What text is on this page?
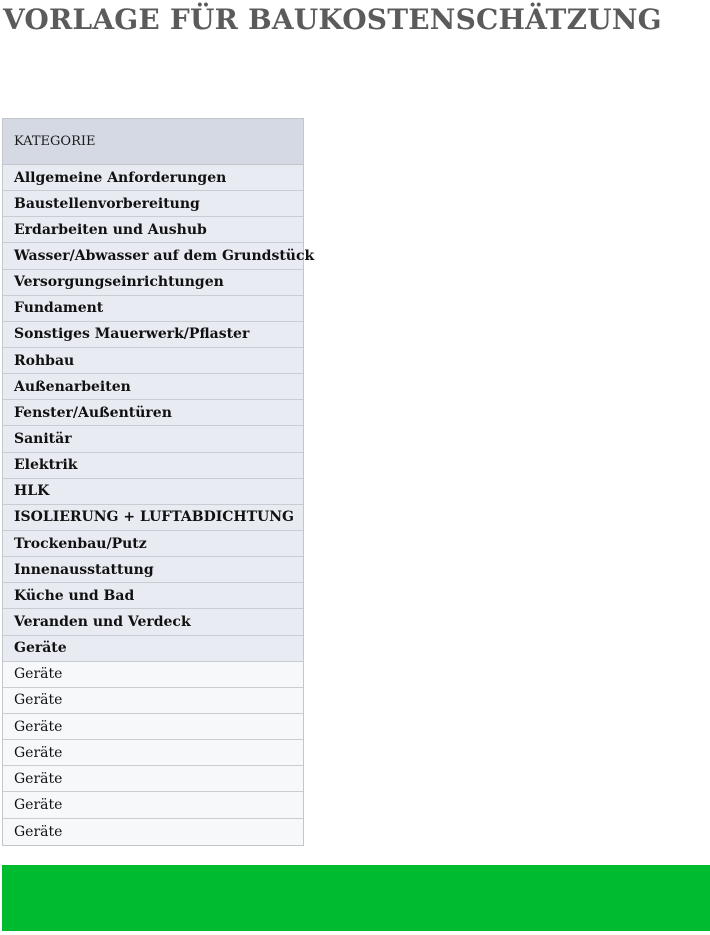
VORLAGE FÜR BAUKOSTENSCHÄTZUNG
KATEGORIE
Allgemeine Anforderungen
Baustellenvorbereitung
Erdarbeiten und Aushub
Wasser/Abwasser auf dem Grundstück
Versorgungseinrichtungen
Fundament
Sonstiges Mauerwerk/Pflaster
Rohbau
Außenarbeiten
Fenster/Außentüren
Sanitär
Elektrik
HLK
ISOLIERUNG + LUFTABDICHTUNG
Trockenbau/Putz
Innenausstattung
Küche und Bad
Veranden und Verdeck
Geräte
Geräte
Geräte
Geräte
Geräte
Geräte
Geräte
Geräte
